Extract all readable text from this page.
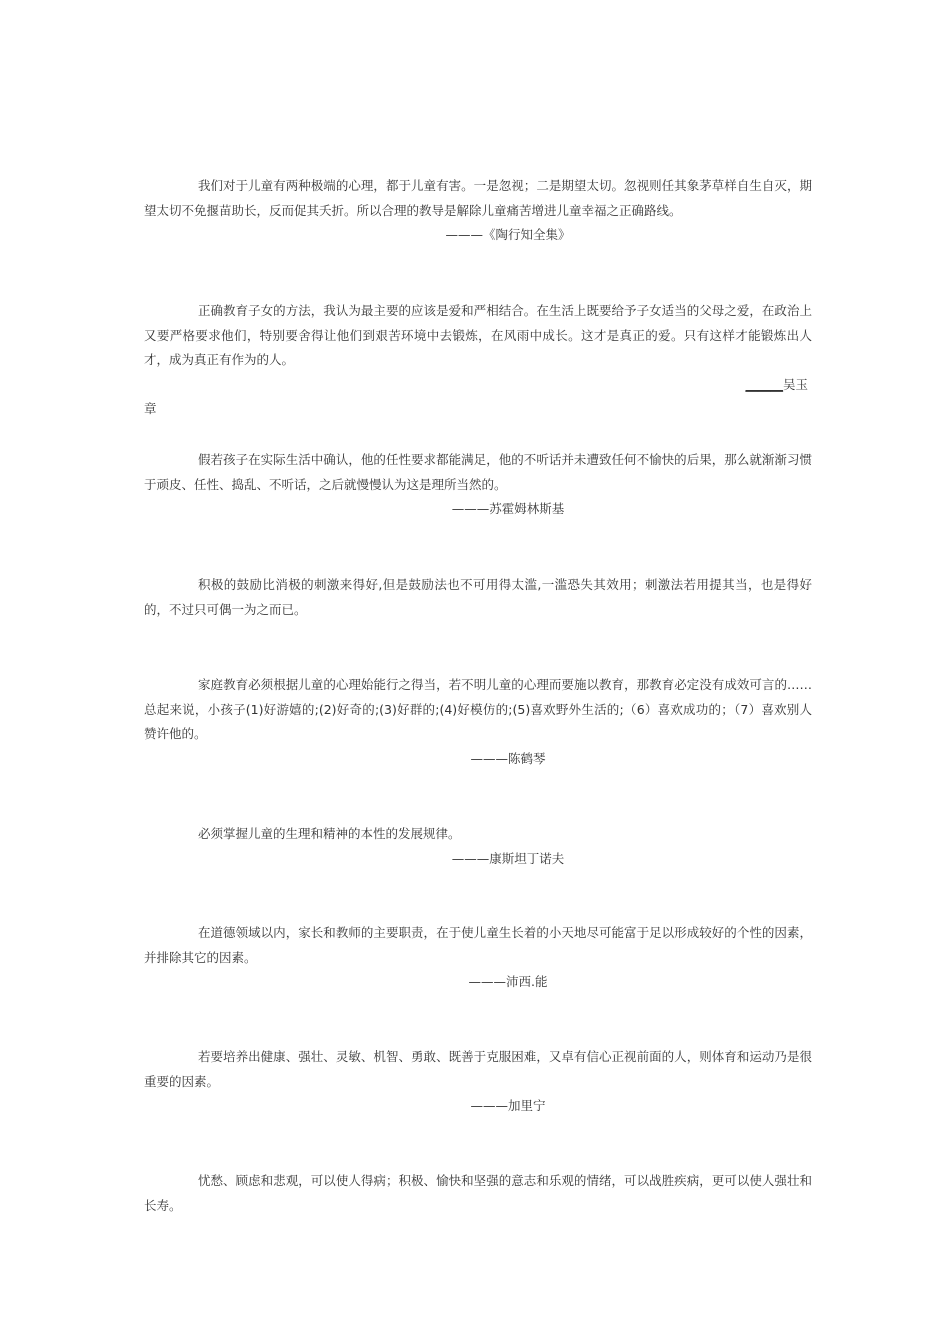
我们对于儿童有两种极端的心理，都于儿童有害。一是忽视；二是期望太切。忽视则任其象茅草样自生自灭，期望太切不免揠苗助长，反而促其夭折。所以合理的教导是解除儿童痛苦增进儿童幸福之正确路线。

———《陶行知全集》

正确教育子女的方法，我认为最主要的应该是爱和严相结合。在生活上既要给予子女适当的父母之爱，在政治上又要严格要求他们，特别要舍得让他们到艰苦环境中去锻炼，在风雨中成长。这才是真正的爱。只有这样才能锻炼出人才，成为真正有作为的人。

______吴玉

章

假若孩子在实际生活中确认，他的任性要求都能满足，他的不听话并未遭致任何不愉快的后果，那么就渐渐习惯于顽皮、任性、捣乱、不听话，之后就慢慢认为这是理所当然的。

———苏霍姆林斯基

积极的鼓励比消极的刺激来得好,但是鼓励法也不可用得太滥,一滥恐失其效用；刺激法若用提其当，也是得好的，不过只可偶一为之而已。

家庭教育必须根据儿童的心理始能行之得当，若不明儿童的心理而要施以教育，那教育必定没有成效可言的……总起来说，小孩子(1)好游嬉的;(2)好奇的;(3)好群的;(4)好模仿的;(5)喜欢野外生活的;（6）喜欢成功的；（7）喜欢别人赞许他的。

———陈鹤琴

必须掌握儿童的生理和精神的本性的发展规律。

———康斯坦丁诺夫

在道德领域以内，家长和教师的主要职责，在于使儿童生长着的小天地尽可能富于足以形成较好的个性的因素，并排除其它的因素。

———沛西.能

若要培养出健康、强壮、灵敏、机智、勇敢、既善于克服困难，又卓有信心正视前面的人，则体育和运动乃是很重要的因素。

———加里宁

忧愁、顾虑和悲观，可以使人得病；积极、愉快和坚强的意志和乐观的情绪，可以战胜疾病，更可以使人强壮和长寿。
